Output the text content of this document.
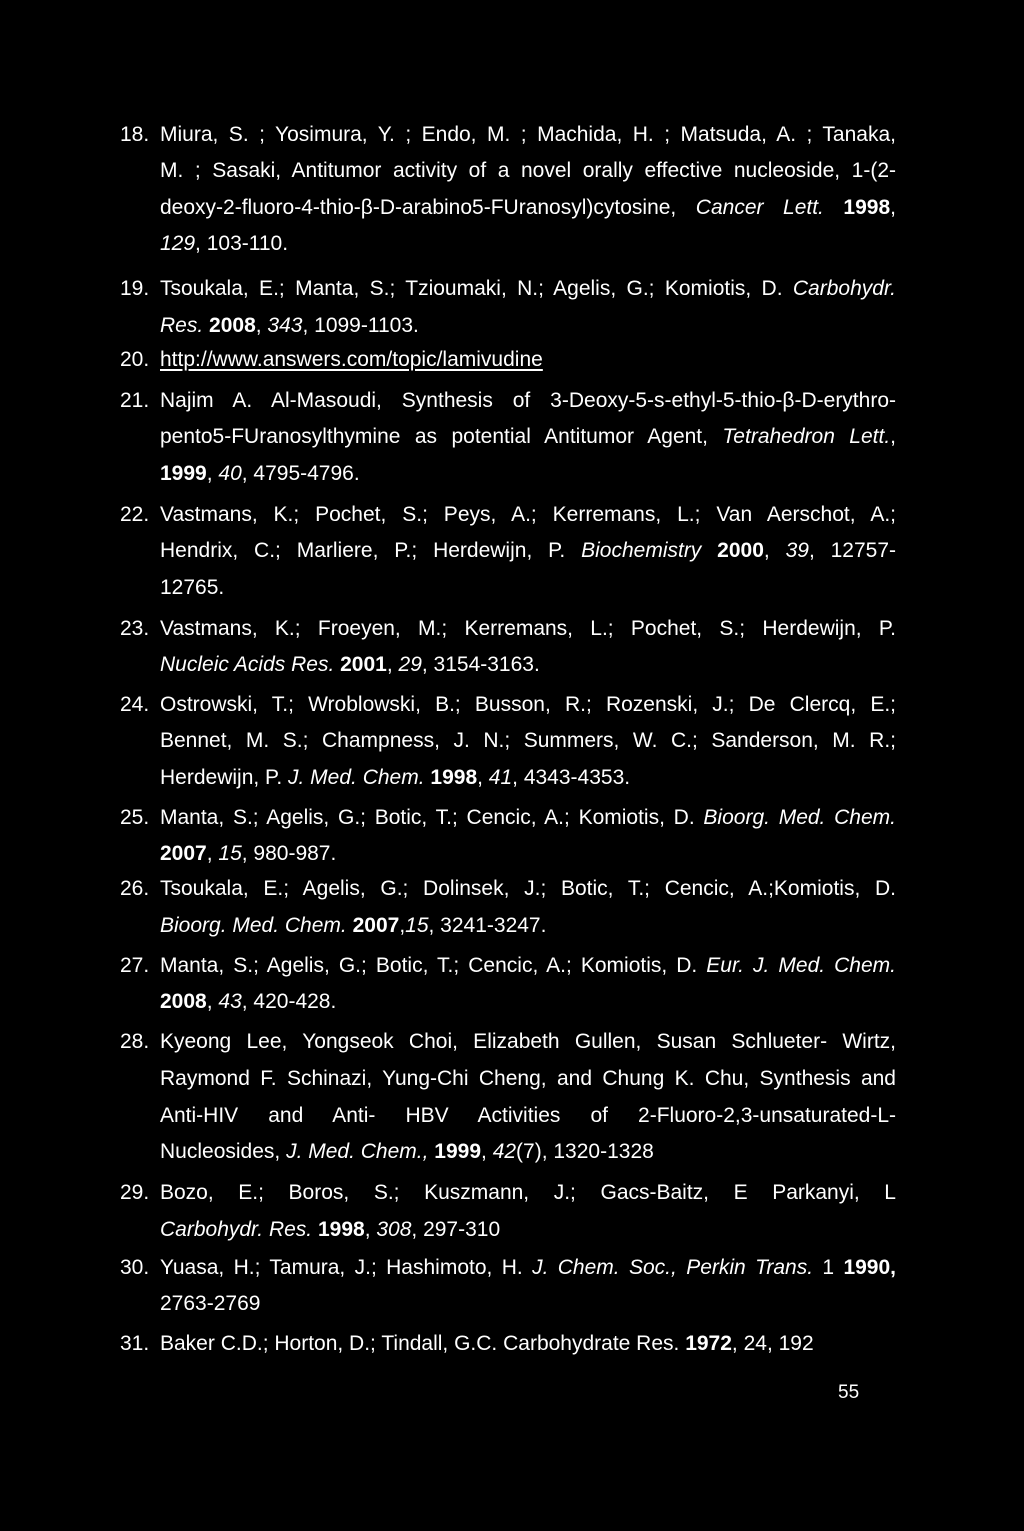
18. Miura, S. ; Yosimura, Y. ; Endo, M. ; Machida, H. ; Matsuda, A. ; Tanaka,
M. ; Sasaki, Antitumor activity of a novel orally effective nucleoside, 1-(2-
deoxy-2-fluoro-4-thio-β-D-arabino5-FUranosyl)cytosine, Cancer Lett. 1998,
129, 103-110.
19. Tsoukala, E.; Manta, S.; Tzioumaki, N.; Agelis, G.; Komiotis, D. Carbohydr.
Res. 2008, 343, 1099-1103.
20. http://www.answers.com/topic/lamivudine
21. Najim A. Al-Masoudi, Synthesis of 3-Deoxy-5-s-ethyl-5-thio-β-D-erythro-
pento5-FUranosylthymine as potential Antitumor Agent, Tetrahedron Lett.,
1999, 40, 4795-4796.
22. Vastmans, K.; Pochet, S.; Peys, A.; Kerremans, L.; Van Aerschot, A.;
Hendrix, C.; Marliere, P.; Herdewijn, P. Biochemistry 2000, 39, 12757-
12765.
23. Vastmans, K.; Froeyen, M.; Kerremans, L.; Pochet, S.; Herdewijn, P.
Nucleic Acids Res. 2001, 29, 3154-3163.
24. Ostrowski, T.; Wroblowski, B.; Busson, R.; Rozenski, J.; De Clercq, E.;
Bennet, M. S.; Champness, J. N.; Summers, W. C.; Sanderson, M. R.;
Herdewijn, P. J. Med. Chem. 1998, 41, 4343-4353.
25. Manta, S.; Agelis, G.; Botic, T.; Cencic, A.; Komiotis, D. Bioorg. Med. Chem.
2007, 15, 980-987.
26. Tsoukala, E.; Agelis, G.; Dolinsek, J.; Botic, T.; Cencic, A.;Komiotis, D.
Bioorg. Med. Chem. 2007,15, 3241-3247.
27. Manta, S.; Agelis, G.; Botic, T.; Cencic, A.; Komiotis, D. Eur. J. Med. Chem.
2008, 43, 420-428.
28. Kyeong Lee, Yongseok Choi, Elizabeth Gullen, Susan Schlueter- Wirtz,
Raymond F. Schinazi, Yung-Chi Cheng, and Chung K. Chu, Synthesis and
Anti-HIV and Anti- HBV Activities of 2-Fluoro-2,3-unsaturated-L-
Nucleosides, J. Med. Chem., 1999, 42(7), 1320-1328
29. Bozo, E.; Boros, S.; Kuszmann, J.; Gacs-Baitz, E Parkanyi, L
Carbohydr. Res. 1998, 308, 297-310
30. Yuasa, H.; Tamura, J.; Hashimoto, H. J. Chem. Soc., Perkin Trans. 1 1990,
2763-2769
31. Baker C.D.; Horton, D.; Tindall, G.C. Carbohydrate Res. 1972, 24, 192
55
